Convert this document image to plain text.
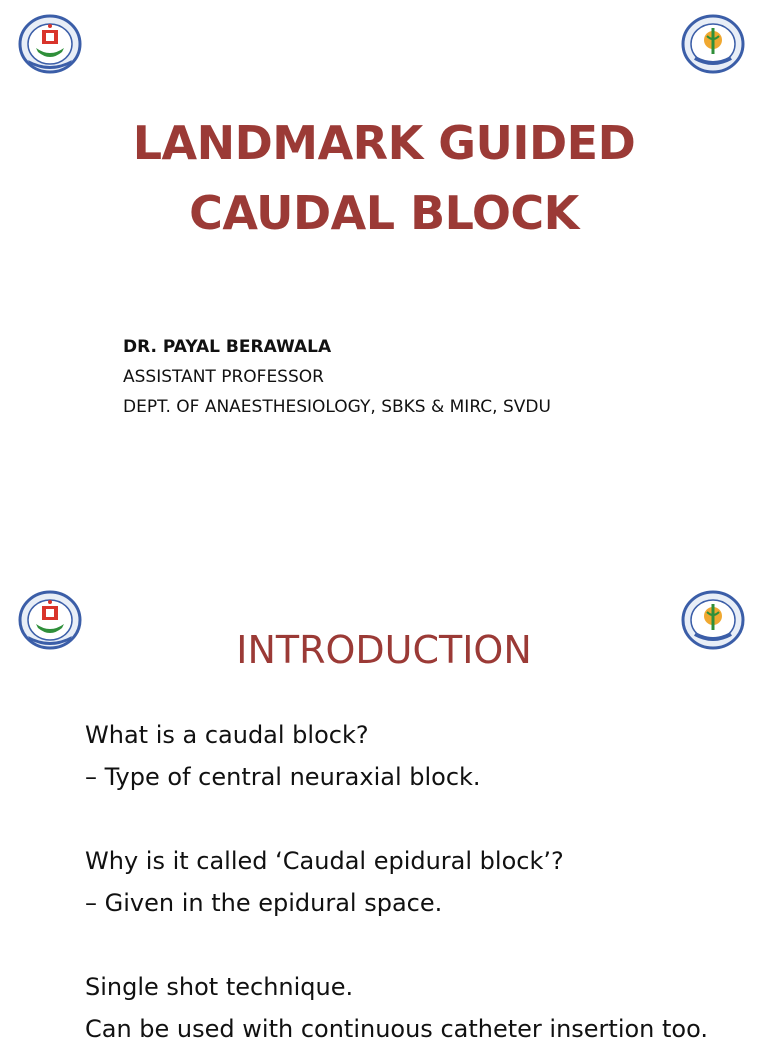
LANDMARK GUIDED
CAUDAL BLOCK
DR. PAYAL BERAWALA
ASSISTANT PROFESSOR
DEPT. OF ANAESTHESIOLOGY, SBKS & MIRC, SVDU
INTRODUCTION
What is a caudal block?
– Type of central neuraxial block.
Why is it called ‘Caudal epidural block’?
– Given in the epidural space.
Single shot technique.
Can be used with continuous catheter insertion too.
